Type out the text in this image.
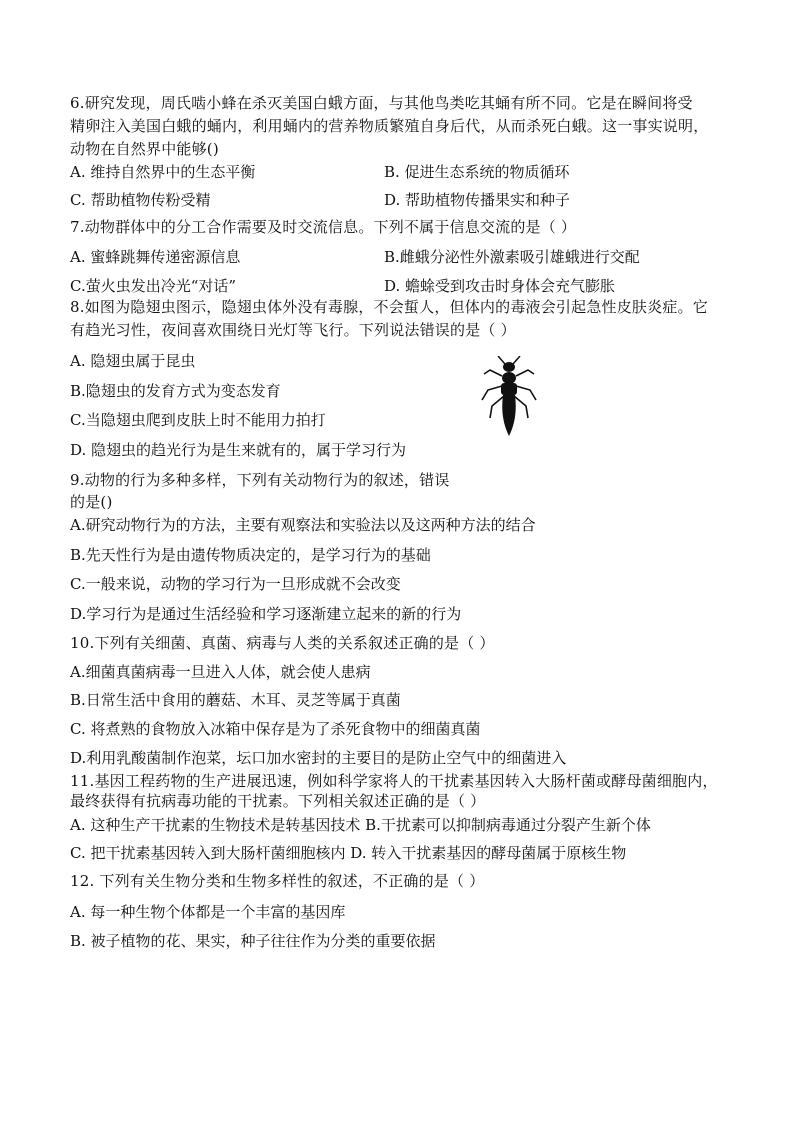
6.研究发现，周氏啮小蜂在杀灭美国白蛾方面，与其他鸟类吃其蛹有所不同。它是在瞬间将受
精卵注入美国白蛾的蛹内，利用蛹内的营养物质繁殖自身后代，从而杀死白蛾。这一事实说明，
动物在自然界中能够()
A. 维持自然界中的生态平衡	B. 促进生态系统的物质循环
C. 帮助植物传粉受精	D. 帮助植物传播果实和种子
7.动物群体中的分工合作需要及时交流信息。下列不属于信息交流的是（ ）
A. 蜜蜂跳舞传递密源信息	B.雌蛾分泌性外激素吸引雄蛾进行交配
C.萤火虫发出冷光“对话”	D. 蟾蜍受到攻击时身体会充气膨胀
8.如图为隐翅虫图示，隐翅虫体外没有毒腺，不会蜇人，但体内的毒液会引起急性皮肤炎症。它
有趋光习性，夜间喜欢围绕日光灯等飞行。下列说法错误的是（ ）
A. 隐翅虫属于昆虫
B.隐翅虫的发育方式为变态发育
C.当隐翅虫爬到皮肤上时不能用力拍打
D. 隐翅虫的趋光行为是生来就有的，属于学习行为
9.动物的行为多种多样，下列有关动物行为的叙述，错误
的是()
A.研究动物行为的方法，主要有观察法和实验法以及这两种方法的结合
B.先天性行为是由遗传物质决定的，是学习行为的基础
C.一般来说，动物的学习行为一旦形成就不会改变
D.学习行为是通过生活经验和学习逐渐建立起来的新的行为
10.下列有关细菌、真菌、病毒与人类的关系叙述正确的是（ ）
A.细菌真菌病毒一旦进入人体，就会使人患病
B.日常生活中食用的蘑菇、木耳、灵芝等属于真菌
C. 将煮熟的食物放入冰箱中保存是为了杀死食物中的细菌真菌
D.利用乳酸菌制作泡菜，坛口加水密封的主要目的是防止空气中的细菌进入
11.基因工程药物的生产进展迅速，例如科学家将人的干扰素基因转入大肠杆菌或酵母菌细胞内，
最终获得有抗病毒功能的干扰素。下列相关叙述正确的是（ ）
A. 这种生产干扰素的生物技术是转基因技术 B.干扰素可以抑制病毒通过分裂产生新个体
C. 把干扰素基因转入到大肠杆菌细胞核内 D. 转入干扰素基因的酵母菌属于原核生物
12. 下列有关生物分类和生物多样性的叙述，不正确的是（ ）
A. 每一种生物个体都是一个丰富的基因库
B. 被子植物的花、果实，种子往往作为分类的重要依据
